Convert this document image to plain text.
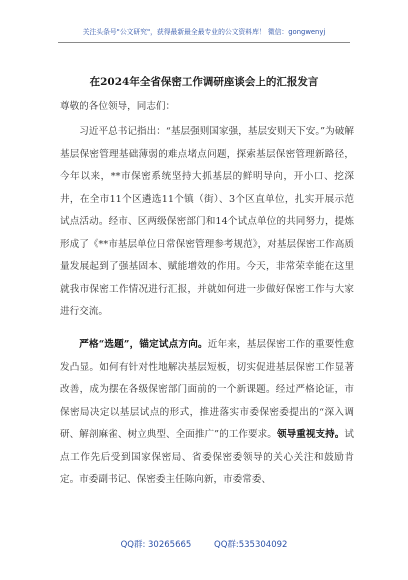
关注头条号"公文研究"，获得最新最全最专业的公文资料库！ 微信：gongwenyj
在2024年全省保密工作调研座谈会上的汇报发言

尊敬的各位领导，同志们：

习近平总书记指出：“基层强则国家强，基层安则天下安。”为破解基层保密管理基础薄弱的难点堵点问题，探索基层保密管理新路径，今年以来，**市保密系统坚持大抓基层的鲜明导向，开小口、挖深井，在全市11个区遴选11个镇（街）、3个区直单位，扎实开展示范试点活动。经市、区两级保密部门和14个试点单位的共同努力，提炼形成了《**市基层单位日常保密管理参考规范》，对基层保密工作高质量发展起到了强基固本、赋能增效的作用。今天，非常荣幸能在这里就我市保密工作情况进行汇报，并就如何进一步做好保密工作与大家进行交流。

严格“选题”，锚定试点方向。近年来，基层保密工作的重要性愈发凸显。如何有针对性地解决基层短板，切实促进基层保密工作显著改善，成为摆在各级保密部门面前的一个新课题。经过严格论证，市保密局决定以基层试点的形式，推进落实市委保密委提出的“深入调研、解剖麻雀、树立典型、全面推广”的工作要求。领导重视支持。试点工作先后受到国家保密局、省委保密委领导的关心关注和鼓励肯定。市委副书记、保密委主任陈向新，市委常委、

QQ群: 30265665	QQ群:535304092
